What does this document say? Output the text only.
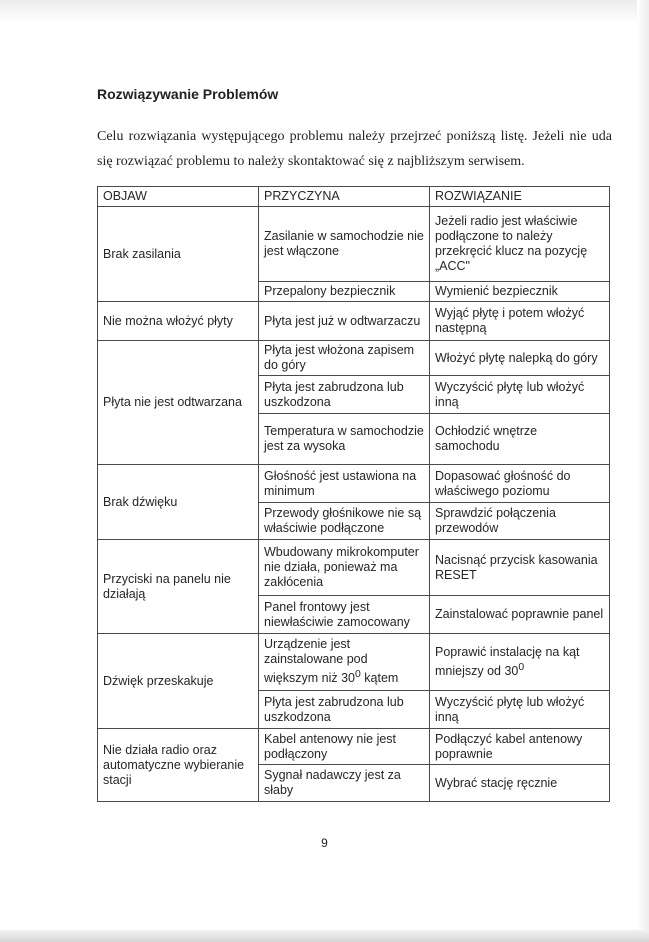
Rozwiązywanie Problemów

Celu rozwiązania występującego problemu należy przejrzeć poniższą listę. Jeżeli nie uda się rozwiązać problemu to należy skontaktować się z najbliższym serwisem.

OBJAW	PRZYCZYNA	ROZWIĄZANIE
Brak zasilania	Zasilanie w samochodzie nie jest włączone	Jeżeli radio jest właściwie podłączone to należy przekręcić klucz na pozycję „ACC"
	Przepalony bezpiecznik	Wymienić bezpiecznik
Nie można włożyć płyty	Płyta jest już w odtwarzaczu	Wyjąć płytę i potem włożyć następną
Płyta nie jest odtwarzana	Płyta jest włożona zapisem do góry	Włożyć płytę nalepką do góry
	Płyta jest zabrudzona lub uszkodzona	Wyczyścić płytę lub włożyć inną
	Temperatura w samochodzie jest za wysoka	Ochłodzić wnętrze samochodu
Brak dźwięku	Głośność jest ustawiona na minimum	Dopasować głośność do właściwego poziomu
	Przewody głośnikowe nie są właściwie podłączone	Sprawdzić połączenia przewodów
Przyciski na panelu nie działają	Wbudowany mikrokomputer nie działa, ponieważ ma zakłócenia	Nacisnąć przycisk kasowania RESET
	Panel frontowy jest niewłaściwie zamocowany	Zainstalować poprawnie panel
Dźwięk przeskakuje	Urządzenie jest zainstalowane pod większym niż $30^0$ kątem	Poprawić instalację na kąt mniejszy od $30^0$
	Płyta jest zabrudzona lub uszkodzona	Wyczyścić płytę lub włożyć inną
Nie działa radio oraz automatyczne wybieranie stacji	Kabel antenowy nie jest podłączony	Podłączyć kabel antenowy poprawnie
	Sygnał nadawczy jest za słaby	Wybrać stację ręcznie
9
